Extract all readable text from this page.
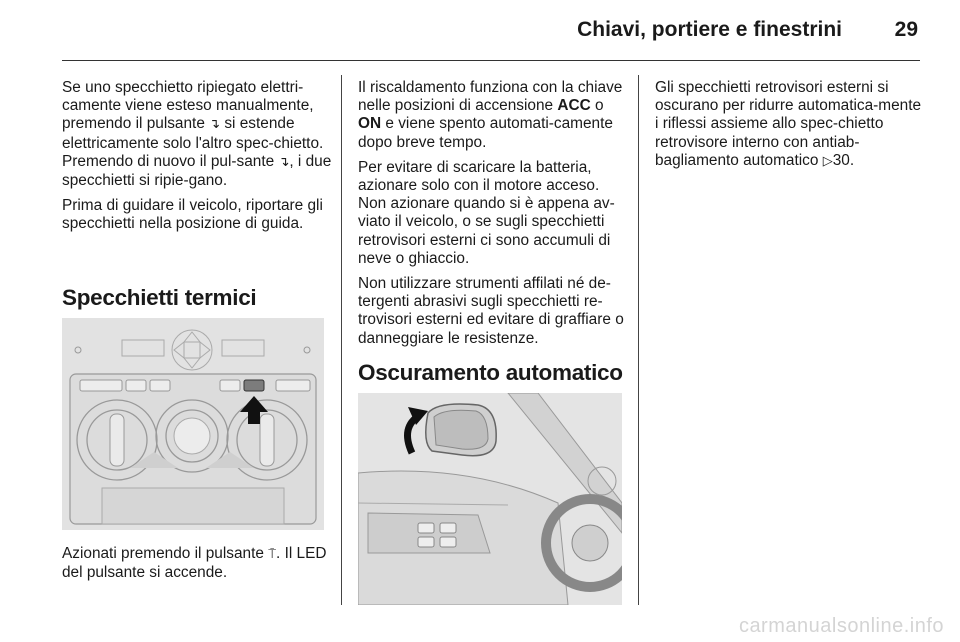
Chiavi, portiere e finestrini	29

Se uno specchietto ripiegato elettri-camente viene esteso manualmente, premendo il pulsante ↴ si estende elettricamente solo l'altro spec-chietto. Premendo di nuovo il pul-sante ↴, i due specchietti si ripie-gano.

Prima di guidare il veicolo, riportare gli specchietti nella posizione di guida.

Specchietti termici
Azionati premendo il pulsante ⍑. Il LED del pulsante si accende.

Il riscaldamento funziona con la chiave nelle posizioni di accensione ACC o ON e viene spento automati-camente dopo breve tempo.

Per evitare di scaricare la batteria, azionare solo con il motore acceso. Non azionare quando si è appena av-viato il veicolo, o se sugli specchietti retrovisori esterni ci sono accumuli di neve o ghiaccio.

Non utilizzare strumenti affilati né de-tergenti abrasivi sugli specchietti re-trovisori esterni ed evitare di graffiare o danneggiare le resistenze.

Oscuramento automatico

Gli specchietti retrovisori esterni si oscurano per ridurre automatica-mente i riflessi assieme allo spec-chietto retrovisore interno con antiab-bagliamento automatico ▷30.

carmanualsonline.info
